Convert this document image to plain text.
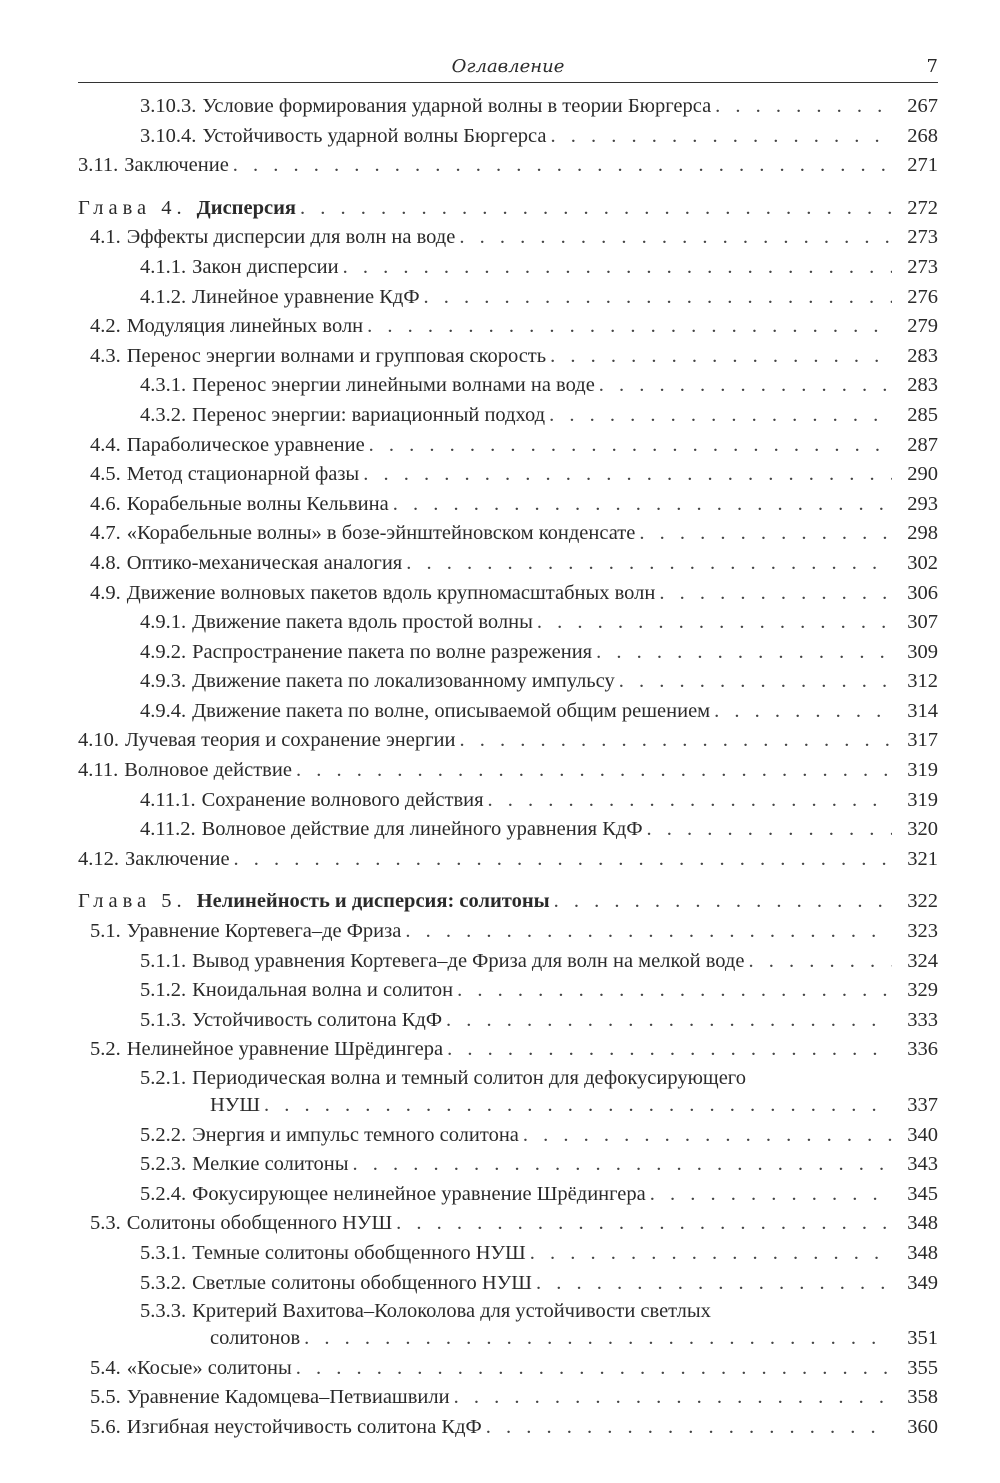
Оглавление	7
3.10.3. Условие формирования ударной волны в теории Бюргерса . . .	267
3.10.4. Устойчивость ударной волны Бюргерса . . .	268
3.11. Заключение . . .	271
Глава 4. Дисперсия . . .	272
4.1. Эффекты дисперсии для волн на воде . . .	273
4.1.1. Закон дисперсии . . .	273
4.1.2. Линейное уравнение КдФ . . .	276
4.2. Модуляция линейных волн . . .	279
4.3. Перенос энергии волнами и групповая скорость . . .	283
4.3.1. Перенос энергии линейными волнами на воде . . .	283
4.3.2. Перенос энергии: вариационный подход . . .	285
4.4. Параболическое уравнение . . .	287
4.5. Метод стационарной фазы . . .	290
4.6. Корабельные волны Кельвина . . .	293
4.7. «Корабельные волны» в бозе-эйнштейновском конденсате . . .	298
4.8. Оптико-механическая аналогия . . .	302
4.9. Движение волновых пакетов вдоль крупномасштабных волн . . .	306
4.9.1. Движение пакета вдоль простой волны . . .	307
4.9.2. Распространение пакета по волне разрежения . . .	309
4.9.3. Движение пакета по локализованному импульсу . . .	312
4.9.4. Движение пакета по волне, описываемой общим решением . . .	314
4.10. Лучевая теория и сохранение энергии . . .	317
4.11. Волновое действие . . .	319
4.11.1. Сохранение волнового действия . . .	319
4.11.2. Волновое действие для линейного уравнения КдФ . . .	320
4.12. Заключение . . .	321
Глава 5. Нелинейность и дисперсия: солитоны . . .	322
5.1. Уравнение Кортевега–де Фриза . . .	323
5.1.1. Вывод уравнения Кортевега–де Фриза для волн на мелкой воде . . .	324
5.1.2. Кноидальная волна и солитон . . .	329
5.1.3. Устойчивость солитона КдФ . . .	333
5.2. Нелинейное уравнение Шрёдингера . . .	336
5.2.1. Периодическая волна и темный солитон для дефокусирующего
НУШ . . .	337
5.2.2. Энергия и импульс темного солитона . . .	340
5.2.3. Мелкие солитоны . . .	343
5.2.4. Фокусирующее нелинейное уравнение Шрёдингера . . .	345
5.3. Солитоны обобщенного НУШ . . .	348
5.3.1. Темные солитоны обобщенного НУШ . . .	348
5.3.2. Светлые солитоны обобщенного НУШ . . .	349
5.3.3. Критерий Вахитова–Колоколова для устойчивости светлых
солитонов . . .	351
5.4. «Косые» солитоны . . .	355
5.5. Уравнение Кадомцева–Петвиашвили . . .	358
5.6. Изгибная неустойчивость солитона КдФ . . .	360
